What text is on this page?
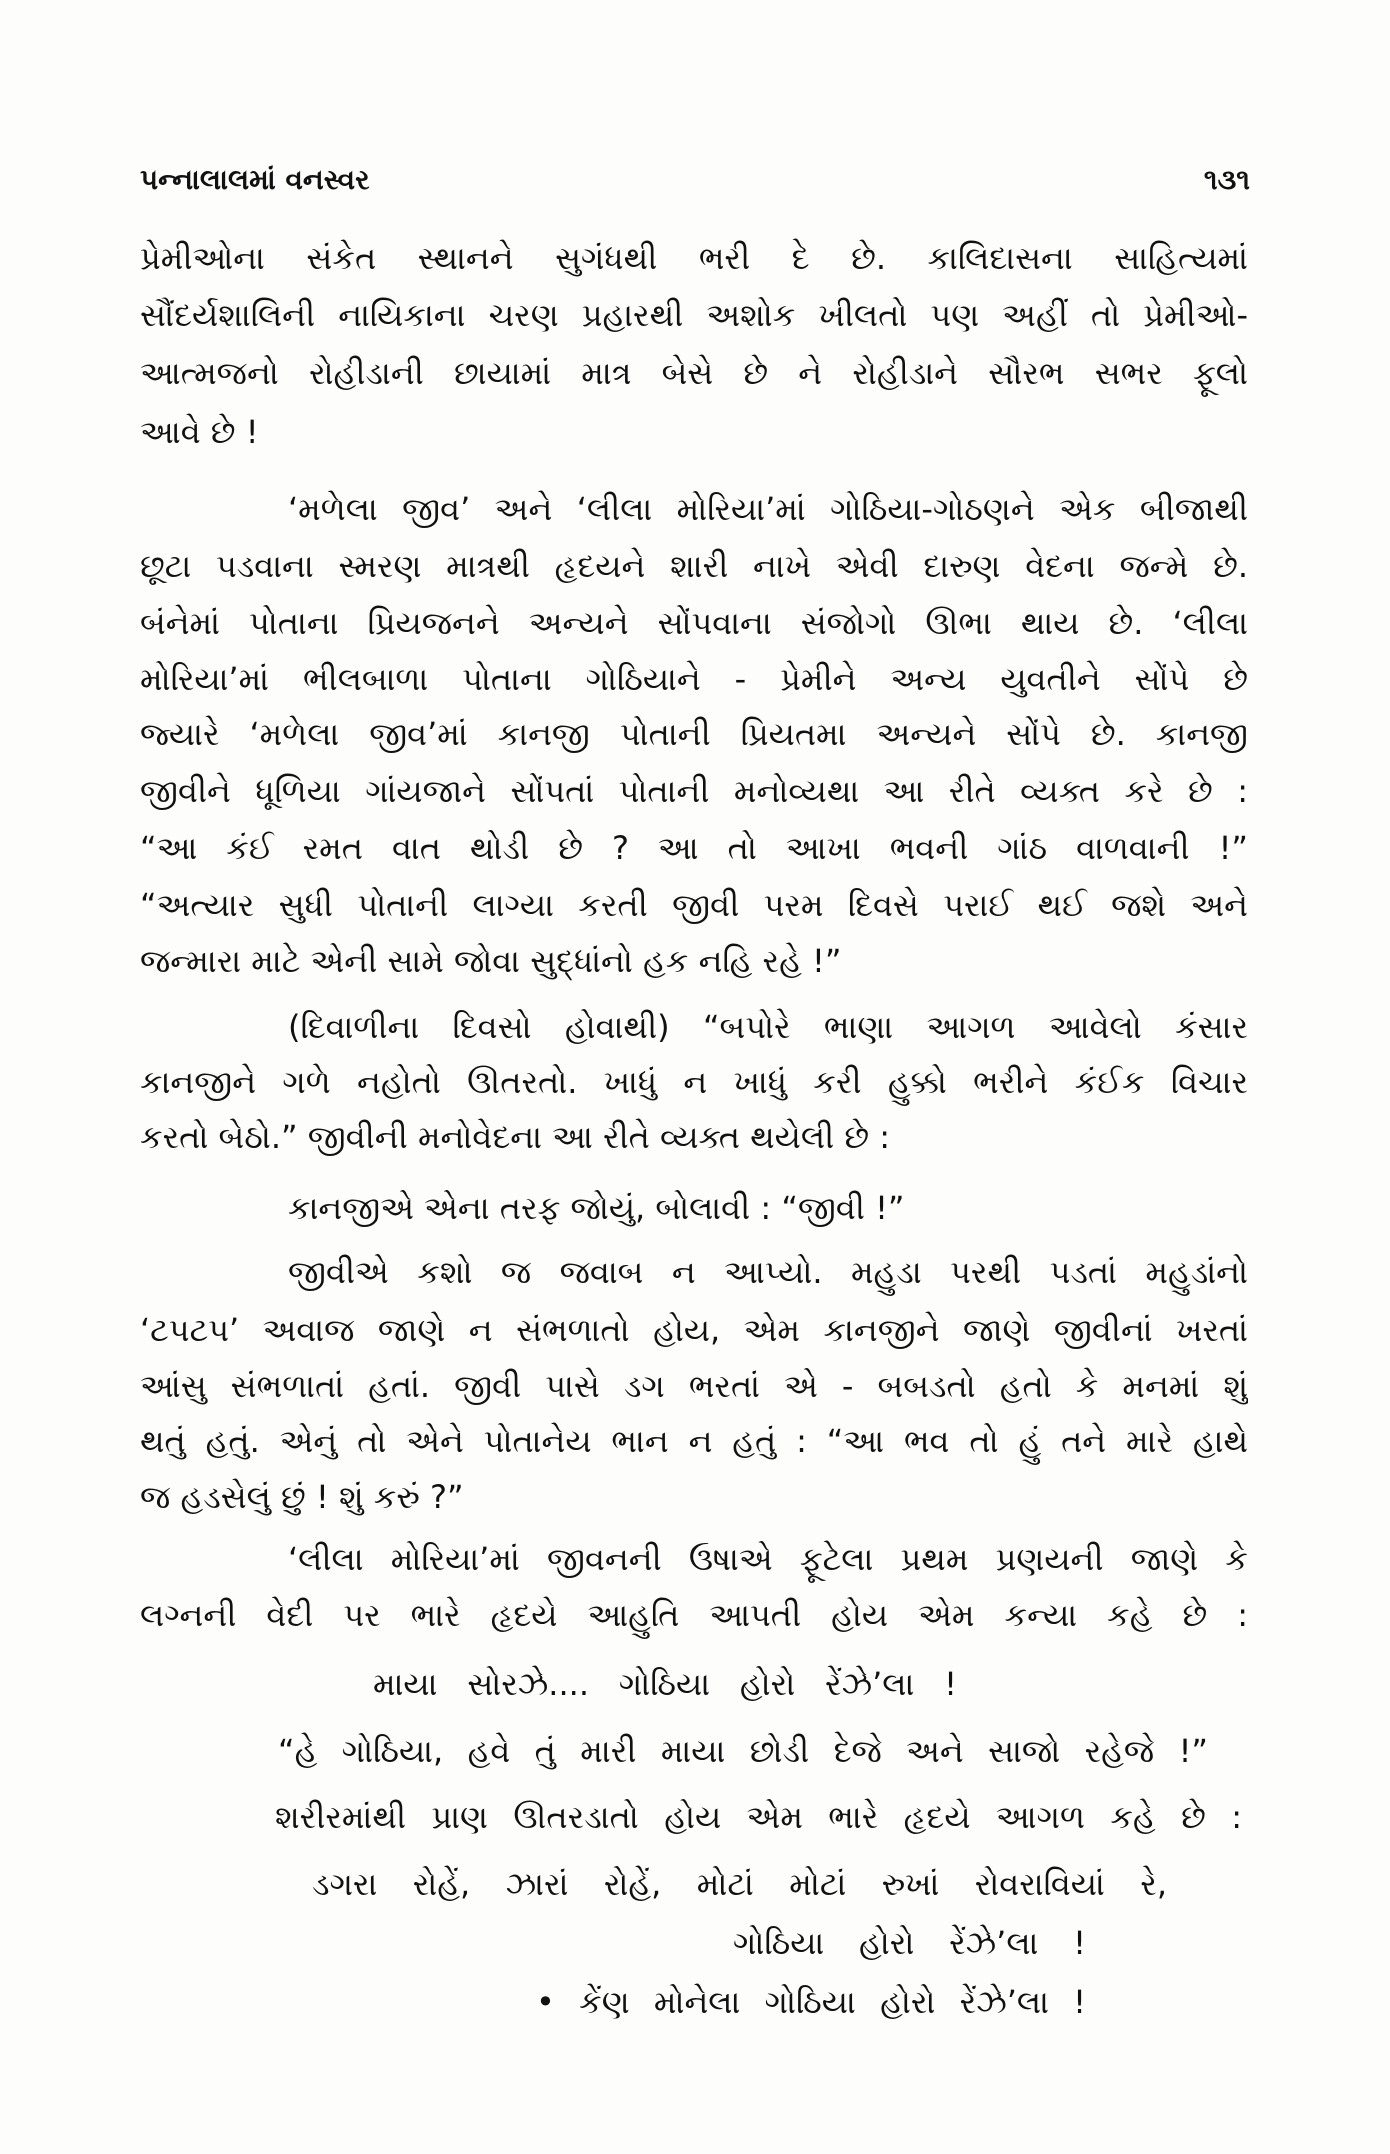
પન્નાલાલમાં વનસ્વર	૧૩૧
પ્રેમીઓના સંકેત સ્થાનને સુગંધથી ભરી દે છે. કાલિદાસના સાહિત્યમાં
સૌંદર્યશાલિની નાયિકાના ચરણ પ્રહારથી અશોક ખીલતો પણ અહીં તો પ્રેમીઓ-
આત્મજનો રોહીડાની છાયામાં માત્ર બેસે છે ને રોહીડાને સૌરભ સભર ફૂલો
આવે છે !
‘મળેલા જીવ’ અને ‘લીલા મોરિયા’માં ગોઠિયા-ગોઠણને એક બીજાથી
છૂટા પડવાના સ્મરણ માત્રથી હૃદયને શારી નાખે એવી દારુણ વેદના જન્મે છે.
બંનેમાં પોતાના પ્રિયજનને અન્યને સોંપવાના સંજોગો ઊભા થાય છે. ‘લીલા
મોરિયા’માં ભીલબાળા પોતાના ગોઠિયાને - પ્રેમીને અન્ય યુવતીને સોંપે છે
જ્યારે ‘મળેલા જીવ’માં કાનજી પોતાની પ્રિયતમા અન્યને સોંપે છે. કાનજી
જીવીને ધૂળિયા ગાંયજાને સોંપતાં પોતાની મનોવ્યથા આ રીતે વ્યક્ત કરે છે :
“આ કંઈ રમત વાત થોડી છે ? આ તો આખા ભવની ગાંઠ વાળવાની !”
“અત્યાર સુધી પોતાની લાગ્યા કરતી જીવી પરમ દિવસે પરાઈ થઈ જશે અને
જન્મારા માટે એની સામે જોવા સુદ્ધાંનો હક નહિ રહે !”
(દિવાળીના દિવસો હોવાથી) “બપોરે ભાણા આગળ આવેલો કંસાર
કાનજીને ગળે નહોતો ઊતરતો. ખાધું ન ખાધું કરી હુક્કો ભરીને કંઈક વિચાર
કરતો બેઠો.” જીવીની મનોવેદના આ રીતે વ્યક્ત થયેલી છે :
કાનજીએ એના તરફ જોયું, બોલાવી : “જીવી !”
જીવીએ કશો જ જવાબ ન આપ્યો. મહુડા પરથી પડતાં મહુડાંનો
‘ટપટપ’ અવાજ જાણે ન સંભળાતો હોય, એમ કાનજીને જાણે જીવીનાં ખરતાં
આંસુ સંભળાતાં હતાં. જીવી પાસે ડગ ભરતાં એ - બબડતો હતો કે મનમાં શું
થતું હતું. એનું તો એને પોતાનેય ભાન ન હતું : “આ ભવ તો હું તને મારે હાથે
જ હડસેલું છું ! શું કરું ?”
‘લીલા મોરિયા’માં જીવનની ઉષાએ ફૂટેલા પ્રથમ પ્રણયની જાણે કે
લગ્નની વેદી પર ભારે હૃદયે આહુતિ આપતી હોય એમ કન્યા કહે છે :
માયા સોરઝે.... ગોઠિયા હોરો રેંઝે’લા !
“હે ગોઠિયા, હવે તું મારી માયા છોડી દેજે અને સાજો રહેજે !”
શરીરમાંથી પ્રાણ ઊતરડાતો હોય એમ ભારે હૃદયે આગળ કહે છે :
ડગરા રોહેં, ઝારાં રોહેં, મોટાં મોટાં રુખાં રોવરાવિયાં રે,
ગોઠિયા હોરો રેંઝે’લા !
• કેંણ મોનેલા ગોઠિયા હોરો રેંઝે’લા !
